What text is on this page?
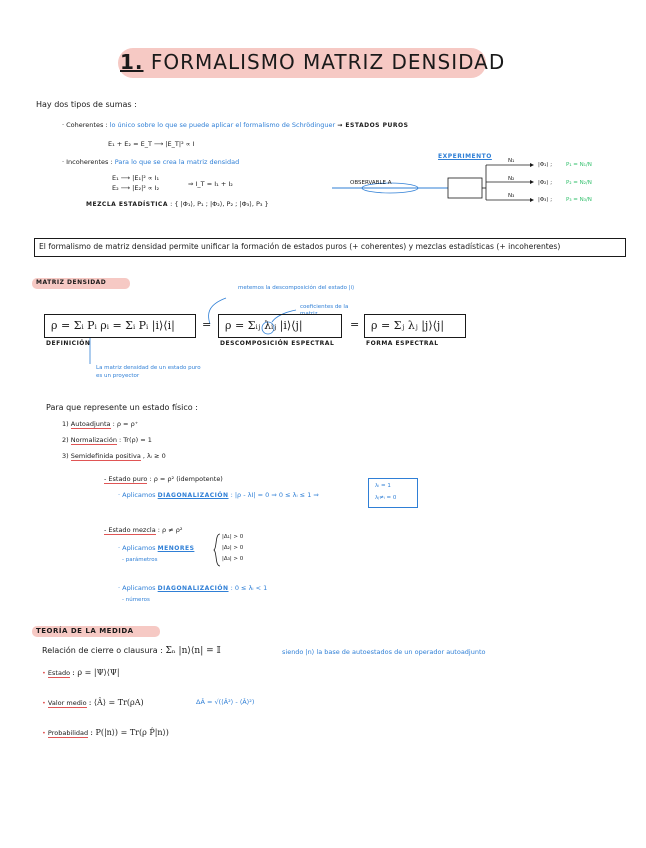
1. FORMALISMO MATRIZ DENSIDAD
Hay dos tipos de sumas :
· Coherentes : lo único sobre lo que se puede aplicar el formalismo de Schrödinguer → ESTADOS PUROS
E₁ + E₂ = E_T ⟶ |E_T|² ∝ I
· Incoherentes : Para lo que se crea la matriz densidad
E₁ ⟶ |E₁|² ∝ I₁
E₂ ⟶ |E₂|² ∝ I₂	⇒ I_T = I₁ + I₂
MEZCLA ESTADÍSTICA : { |Φ₁⟩, P₁ ; |Φ₂⟩, P₂ ; |Φ₃⟩, P₃ }
EXPERIMENTO
OBSERVABLE A
N₁
|Φ₁⟩ ;	P₁ = N₁/N
N₂
|Φ₂⟩ ;	P₂ = N₂/N
N₃
|Φ₃⟩ ;	P₃ = N₃/N
El formalismo de matriz densidad permite unificar la formación de estados puros (+ coherentes) y mezclas estadísticas (+ incoherentes)
MATRIZ DENSIDAD
metemos la descomposición del estado |i⟩
coeficientes de la matriz
ρ = Σᵢ Pᵢ ρᵢ = Σᵢ Pᵢ |i⟩⟨i| = ρ = Σᵢⱼ λᵢⱼ |i⟩⟨j|	= ρ = Σⱼ λⱼ |j⟩⟨j|
DEFINICIÓN	DESCOMPOSICIÓN ESPECTRAL	FORMA ESPECTRAL
La matriz densidad de un estado puro es un proyector
Para que represente un estado físico :
1) Autoadjunta : ρ = ρ⁺
2) Normalización : Tr(ρ) = 1
3) Semidefinida positiva , λᵢ ≥ 0
- Estado puro : ρ = ρ² (idempotente)
· Aplicamos DIAGONALIZACIÓN : |ρ - λI| = 0 ⇒ 0 ≤ λᵢ ≤ 1 ⇒
λᵢ = 1
λⱼ≠ᵢ = 0
- Estado mezcla : ρ ≠ ρ²
· Aplicamos MENORES
- parámetros
|Δ₁| > 0
|Δ₂| > 0
|Δ₃| > 0
· Aplicamos DIAGONALIZACIÓN : 0 ≤ λᵢ < 1
- números
TEORÍA DE LA MEDIDA
Relación de cierre o clausura : Σₙ |n⟩⟨n| = 𝕀	siendo |n⟩ la base de autoestados de un operador autoadjunto
• Estado : ρ = |Ψ⟩⟨Ψ|
• Valor medio : ⟨Â⟩ = Tr(ρA)	ΔÂ = √(⟨Â²⟩ - ⟨Â⟩²)
• Probabilidad : P(|n⟩) = Tr(ρ P̂|n⟩)
